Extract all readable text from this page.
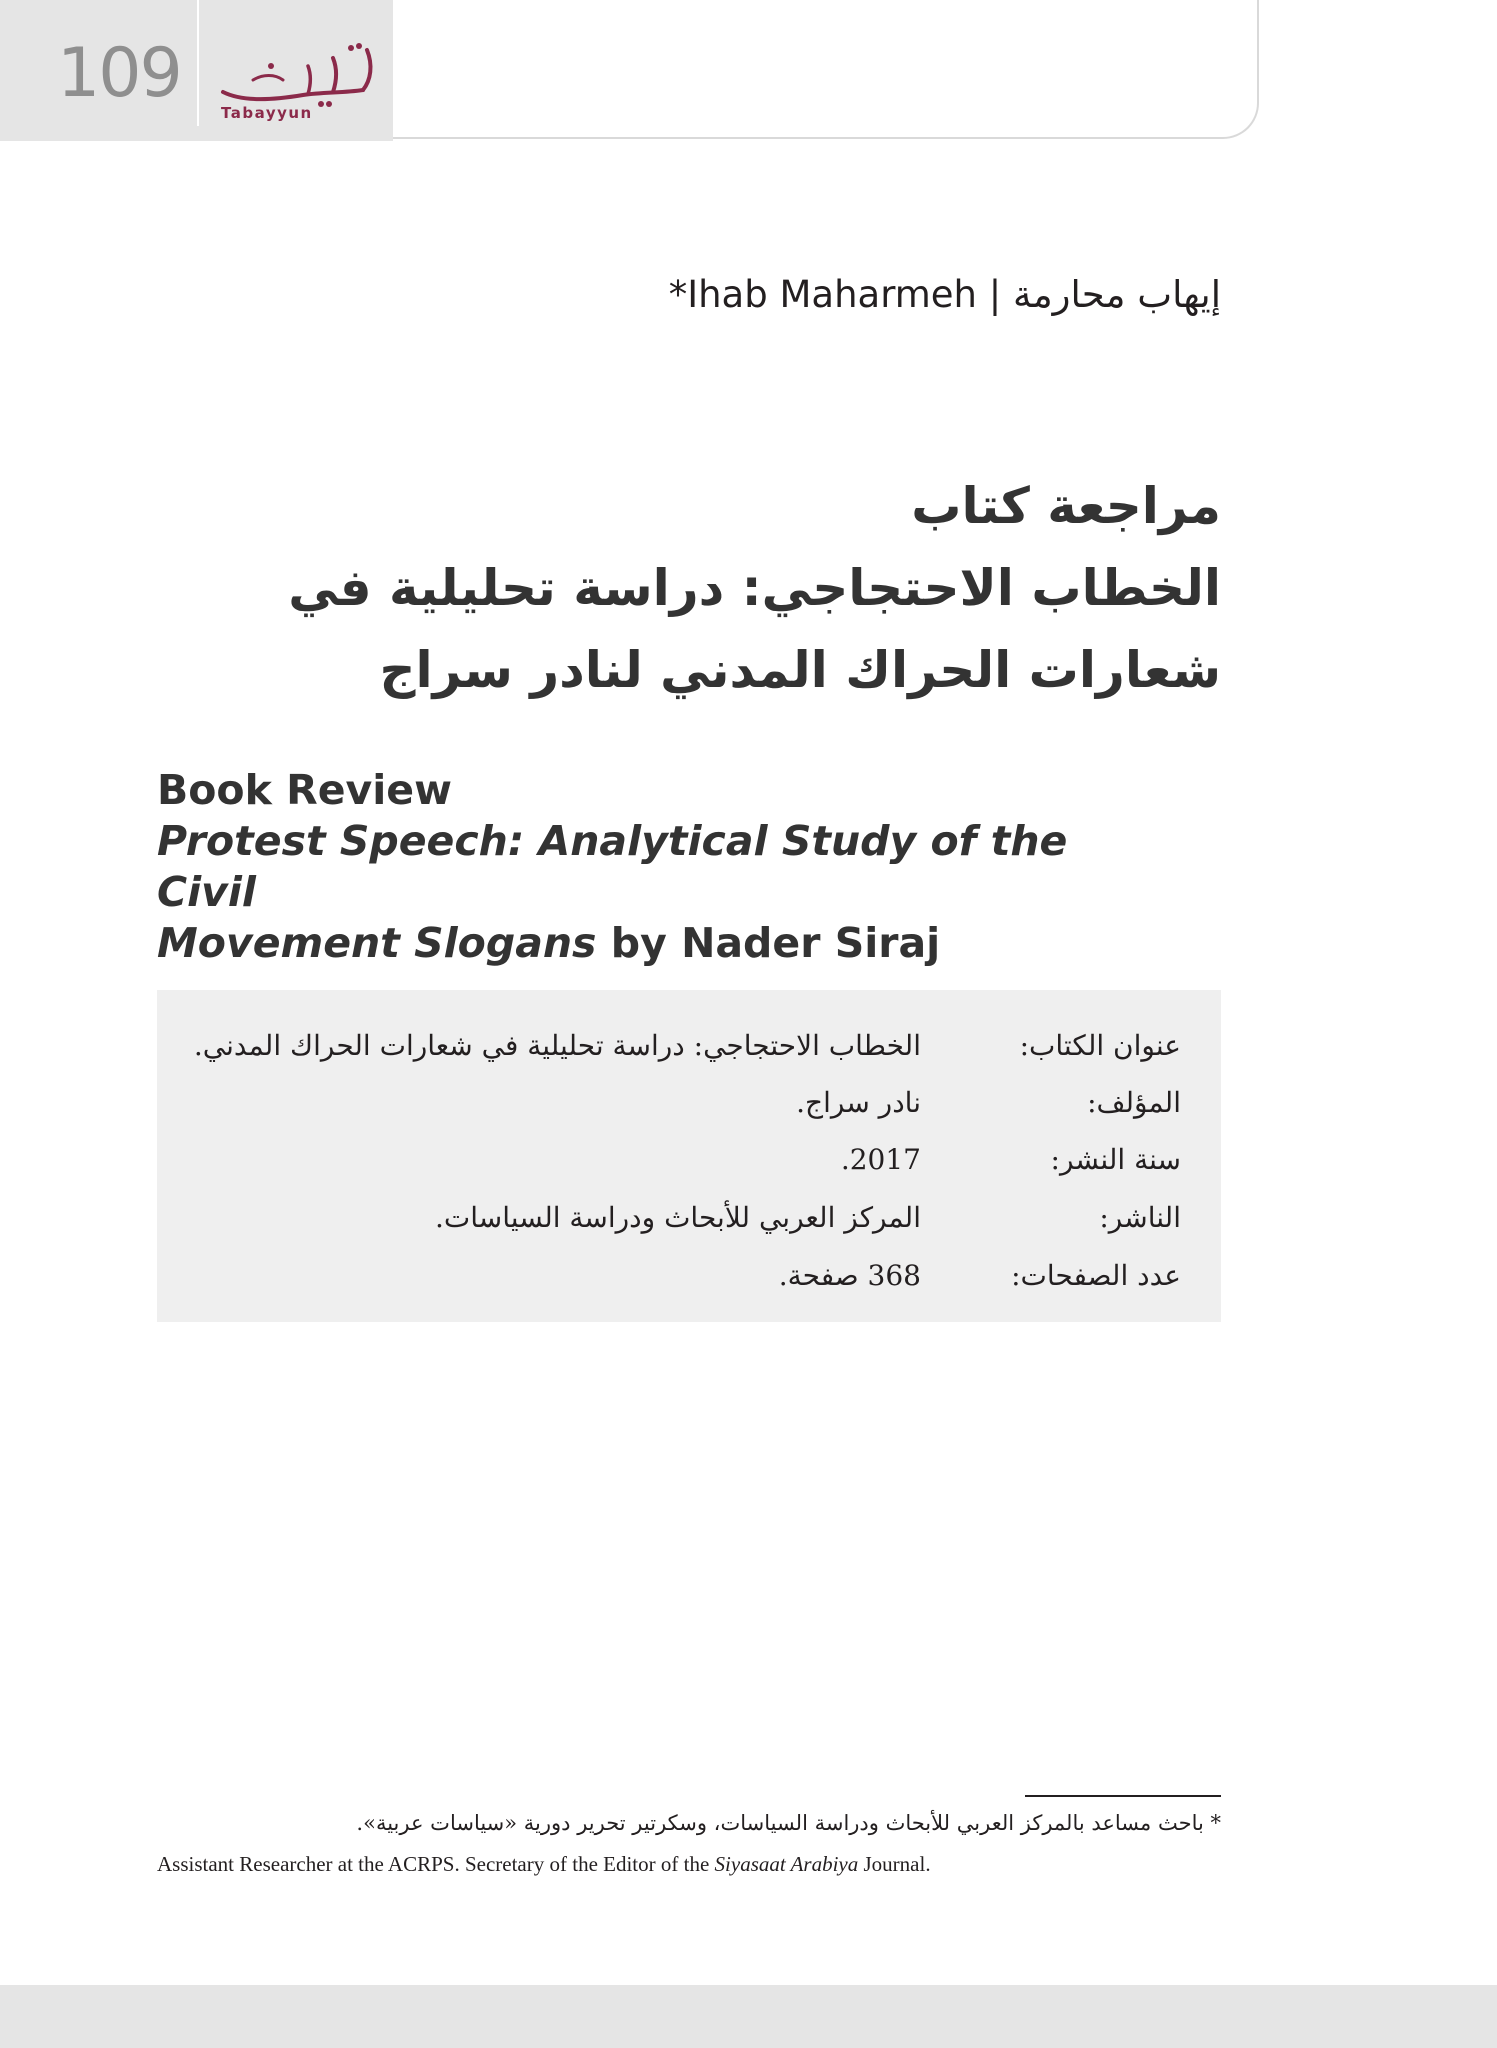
109	Tabayyun
*Ihab Maharmeh | إيهاب محارمة
مراجعة كتاب
الخطاب الاحتجاجي: دراسة تحليلية في
شعارات الحراك المدني لنادر سراج
Book Review
Protest Speech: Analytical Study of the Civil
Movement Slogans by Nader Siraj
عنوان الكتاب:
الخطاب الاحتجاجي: دراسة تحليلية في شعارات الحراك المدني.
المؤلف:
نادر سراج.
سنة النشر:
2017.
الناشر:
المركز العربي للأبحاث ودراسة السياسات.
عدد الصفحات:
368 صفحة.
* باحث مساعد بالمركز العربي للأبحاث ودراسة السياسات، وسكرتير تحرير دورية «سياسات عربية».
Assistant Researcher at the ACRPS. Secretary of the Editor of the Siyasaat Arabiya Journal.
